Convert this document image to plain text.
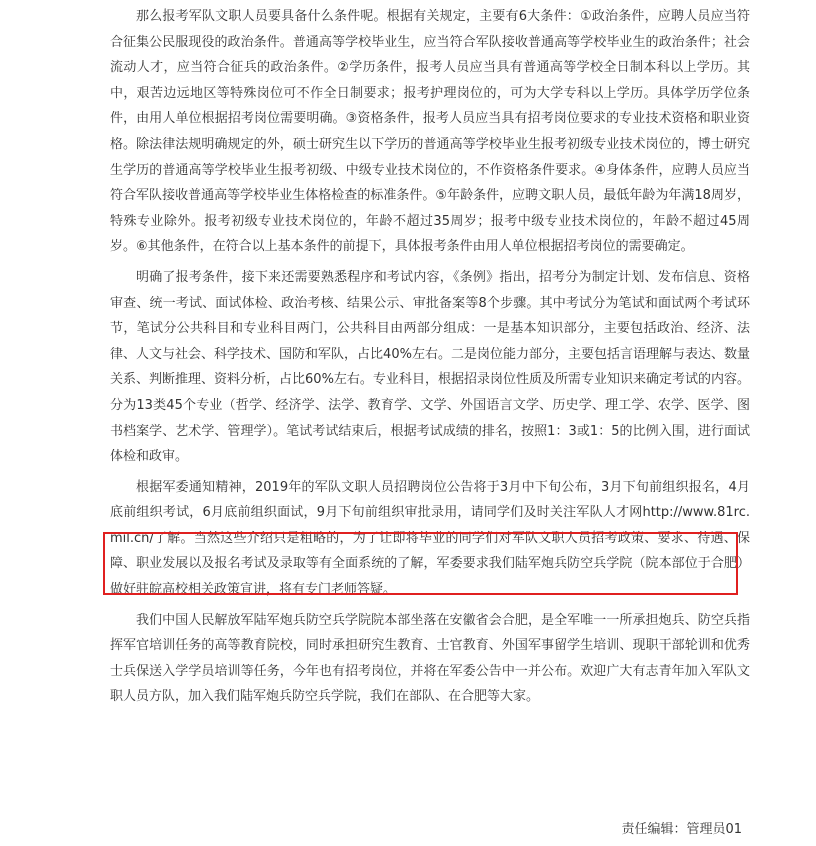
那么报考军队文职人员要具备什么条件呢。根据有关规定，主要有6大条件：①政治条件，应聘人员应当符合征集公民服现役的政治条件。普通高等学校毕业生，应当符合军队接收普通高等学校毕业生的政治条件；社会流动人才，应当符合征兵的政治条件。②学历条件，报考人员应当具有普通高等学校全日制本科以上学历。其中，艰苦边远地区等特殊岗位可不作全日制要求；报考护理岗位的，可为大学专科以上学历。具体学历学位条件，由用人单位根据招考岗位需要明确。③资格条件，报考人员应当具有招考岗位要求的专业技术资格和职业资格。除法律法规明确规定的外，硕士研究生以下学历的普通高等学校毕业生报考初级专业技术岗位的，博士研究生学历的普通高等学校毕业生报考初级、中级专业技术岗位的，不作资格条件要求。④身体条件，应聘人员应当符合军队接收普通高等学校毕业生体格检查的标准条件。⑤年龄条件，应聘文职人员，最低年龄为年满18周岁，特殊专业除外。报考初级专业技术岗位的，年龄不超过35周岁；报考中级专业技术岗位的，年龄不超过45周岁。⑥其他条件，在符合以上基本条件的前提下，具体报考条件由用人单位根据招考岗位的需要确定。

明确了报考条件，接下来还需要熟悉程序和考试内容，《条例》指出，招考分为制定计划、发布信息、资格审查、统一考试、面试体检、政治考核、结果公示、审批备案等8个步骤。其中考试分为笔试和面试两个考试环节，笔试分公共科目和专业科目两门，公共科目由两部分组成：一是基本知识部分，主要包括政治、经济、法律、人文与社会、科学技术、国防和军队，占比40%左右。二是岗位能力部分，主要包括言语理解与表达、数量关系、判断推理、资料分析，占比60%左右。专业科目，根据招录岗位性质及所需专业知识来确定考试的内容。分为13类45个专业（哲学、经济学、法学、教育学、文学、外国语言文学、历史学、理工学、农学、医学、图书档案学、艺术学、管理学）。笔试考试结束后，根据考试成绩的排名，按照1：3或1：5的比例入围，进行面试体检和政审。

根据军委通知精神，2019年的军队文职人员招聘岗位公告将于3月中下旬公布，3月下旬前组织报名，4月底前组织考试，6月底前组织面试，9月下旬前组织审批录用，请同学们及时关注军队人才网http://www.81rc.mil.cn/了解。当然这些介绍只是粗略的，为了让即将毕业的同学们对军队文职人员招考政策、要求、待遇、保障、职业发展以及报名考试及录取等有全面系统的了解，军委要求我们陆军炮兵防空兵学院（院本部位于合肥）做好驻皖高校相关政策宣讲，将有专门老师答疑。

我们中国人民解放军陆军炮兵防空兵学院院本部坐落在安徽省会合肥，是全军唯一一所承担炮兵、防空兵指挥军官培训任务的高等教育院校，同时承担研究生教育、士官教育、外国军事留学生培训、现职干部轮训和优秀士兵保送入学学员培训等任务，今年也有招考岗位，并将在军委公告中一并公布。欢迎广大有志青年加入军队文职人员方队，加入我们陆军炮兵防空兵学院，我们在部队、在合肥等大家。

责任编辑：管理员01
